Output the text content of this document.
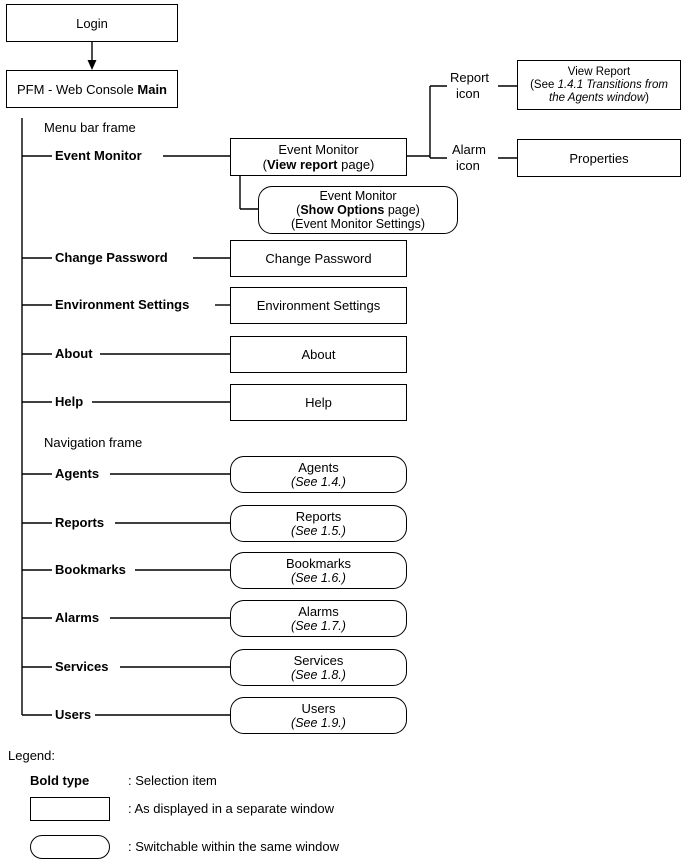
Login
PFM - Web Console Main
Event Monitor
(View report page)
Event Monitor
(Show Options page)
(Event Monitor Settings)
View Report
(See 1.4.1 Transitions from
the Agents window)
Properties
Change Password
Environment Settings
About
Help
Agents
(See 1.4.)
Reports
(See 1.5.)
Bookmarks
(See 1.6.)
Alarms
(See 1.7.)
Services
(See 1.8.)
Users
(See 1.9.)
Menu bar frame
Navigation frame
Event Monitor
Change Password
Environment Settings
About
Help
Agents
Reports
Bookmarks
Alarms
Services
Users
Report
icon
Alarm
icon
Legend:
Bold type	: Selection item
: As displayed in a separate window
: Switchable within the same window
